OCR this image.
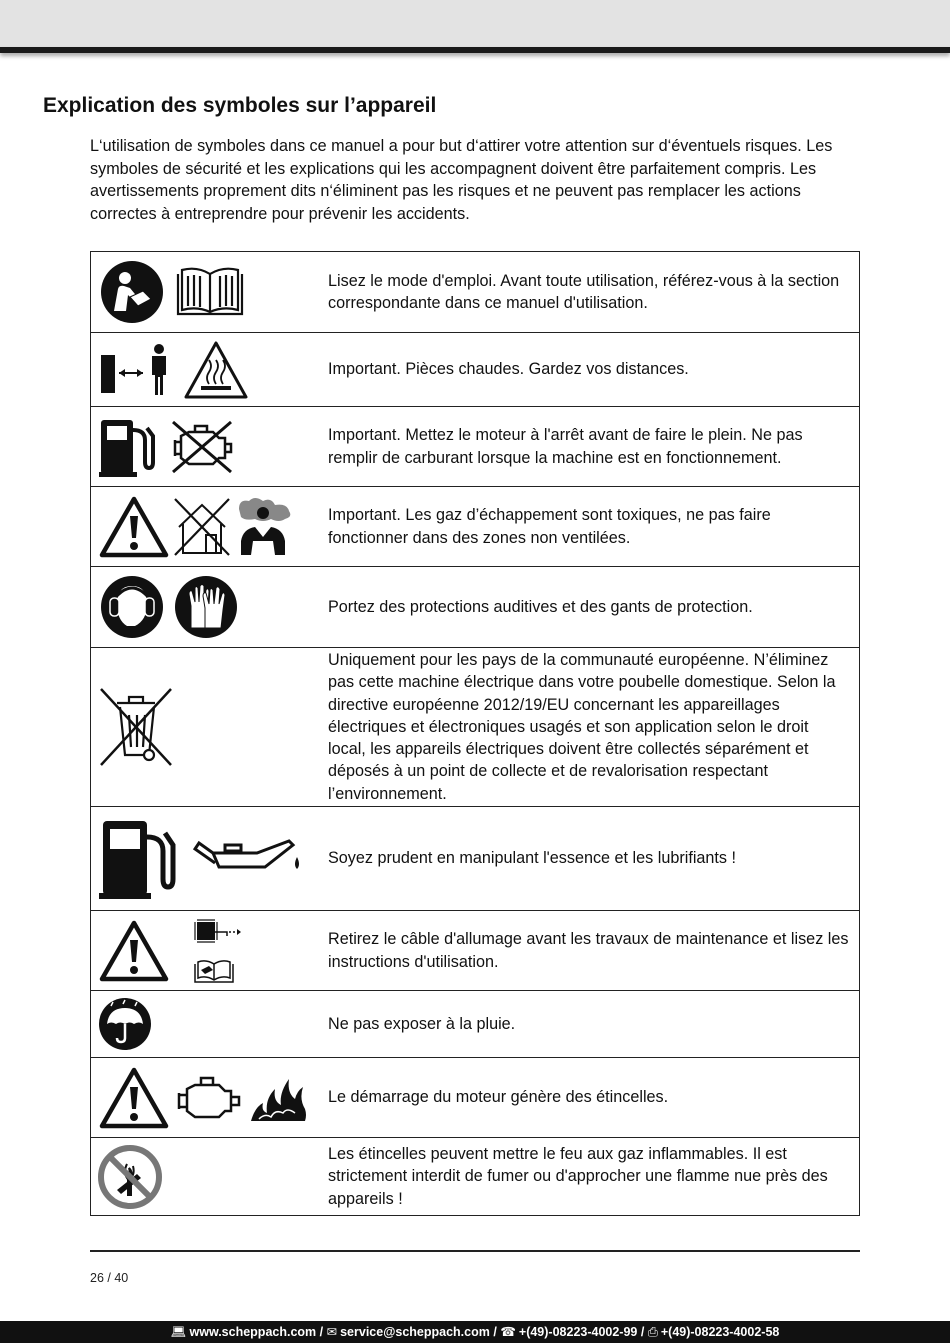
Explication des symboles sur l’appareil

L‘utilisation de symboles dans ce manuel a pour but d‘attirer votre attention sur d‘éventuels risques. Les symboles de sécurité et les explications qui les accompagnent doivent être parfaitement compris. Les avertissements proprement dits n‘éliminent pas les risques et ne peuvent pas remplacer les actions correctes à entreprendre pour prévenir les accidents.

	Lisez le mode d'emploi. Avant toute utilisation, référez-vous à la section correspondante dans ce manuel d'utilisation.

	Important. Pièces chaudes. Gardez vos distances.

	Important. Mettez le moteur à l'arrêt avant de faire le plein. Ne pas remplir de carburant lorsque la machine est en fonctionnement.

	Important. Les gaz d’échappement sont toxiques, ne pas faire fonctionner dans des zones non ventilées.

	Portez des protections auditives et des gants de protection.

	Uniquement pour les pays de la communauté européenne. N’éliminez pas cette machine électrique dans votre poubelle domestique. Selon la directive européenne 2012/19/EU concernant les appareillages électriques et électroniques usagés et son application selon le droit local, les appareils électriques doivent être collectés séparément et déposés à un point de collecte et de revalorisation respectant l’environnement.

	Soyez prudent en manipulant l'essence et les lubrifiants !

	Retirez le câble d'allumage avant les travaux de maintenance et lisez les instructions d'utilisation.

	Ne pas exposer à la pluie.

	Le démarrage du moteur génère des étincelles.

	Les étincelles peuvent mettre le feu aux gaz inflammables. Il est strictement interdit de fumer ou d'approcher une flamme nue près des appareils !
26 / 40
💻︎ www.scheppach.com / ✉ service@scheppach.com / ☎ +(49)-08223-4002-99 / ⎙ +(49)-08223-4002-58
